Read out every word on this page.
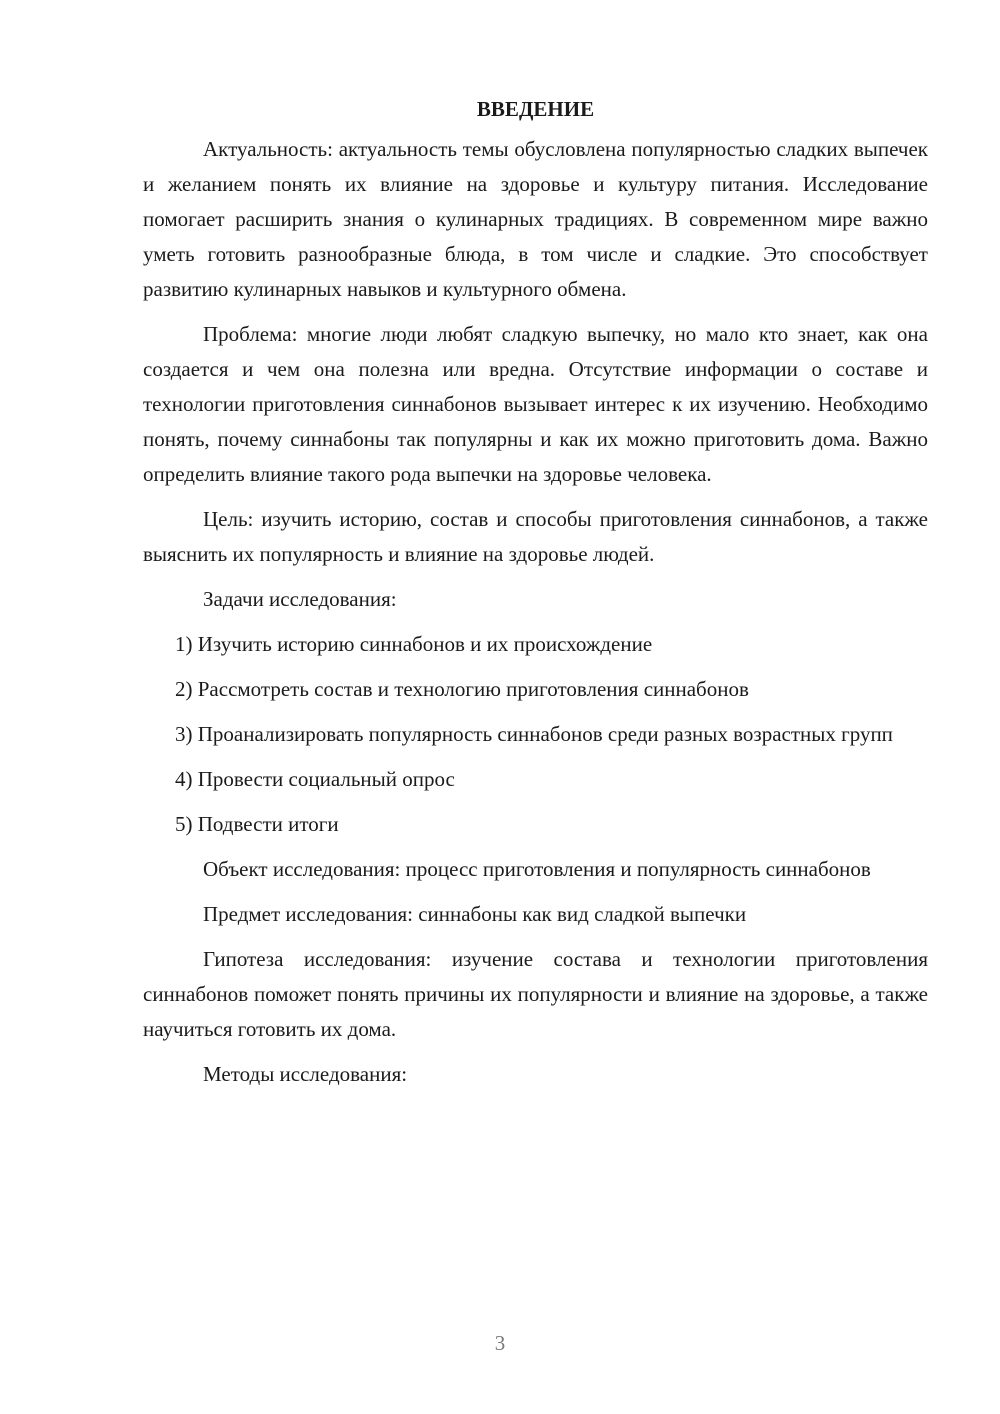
ВВЕДЕНИЕ

Актуальность: актуальность темы обусловлена популярностью сладких выпечек и желанием понять их влияние на здоровье и культуру питания. Исследование помогает расширить знания о кулинарных традициях. В современном мире важно уметь готовить разнообразные блюда, в том числе и сладкие. Это способствует развитию кулинарных навыков и культурного обмена.

Проблема: многие люди любят сладкую выпечку, но мало кто знает, как она создается и чем она полезна или вредна. Отсутствие информации о составе и технологии приготовления синнабонов вызывает интерес к их изучению. Необходимо понять, почему синнабоны так популярны и как их можно приготовить дома. Важно определить влияние такого рода выпечки на здоровье человека.

Цель: изучить историю, состав и способы приготовления синнабонов, а также выяснить их популярность и влияние на здоровье людей.

Задачи исследования:

1) Изучить историю синнабонов и их происхождение

2) Рассмотреть состав и технологию приготовления синнабонов

3) Проанализировать популярность синнабонов среди разных возрастных групп

4) Провести социальный опрос

5) Подвести итоги

Объект исследования: процесс приготовления и популярность синнабонов

Предмет исследования: синнабоны как вид сладкой выпечки

Гипотеза исследования: изучение состава и технологии приготовления синнабонов поможет понять причины их популярности и влияние на здоровье, а также научиться готовить их дома.

Методы исследования:

3
